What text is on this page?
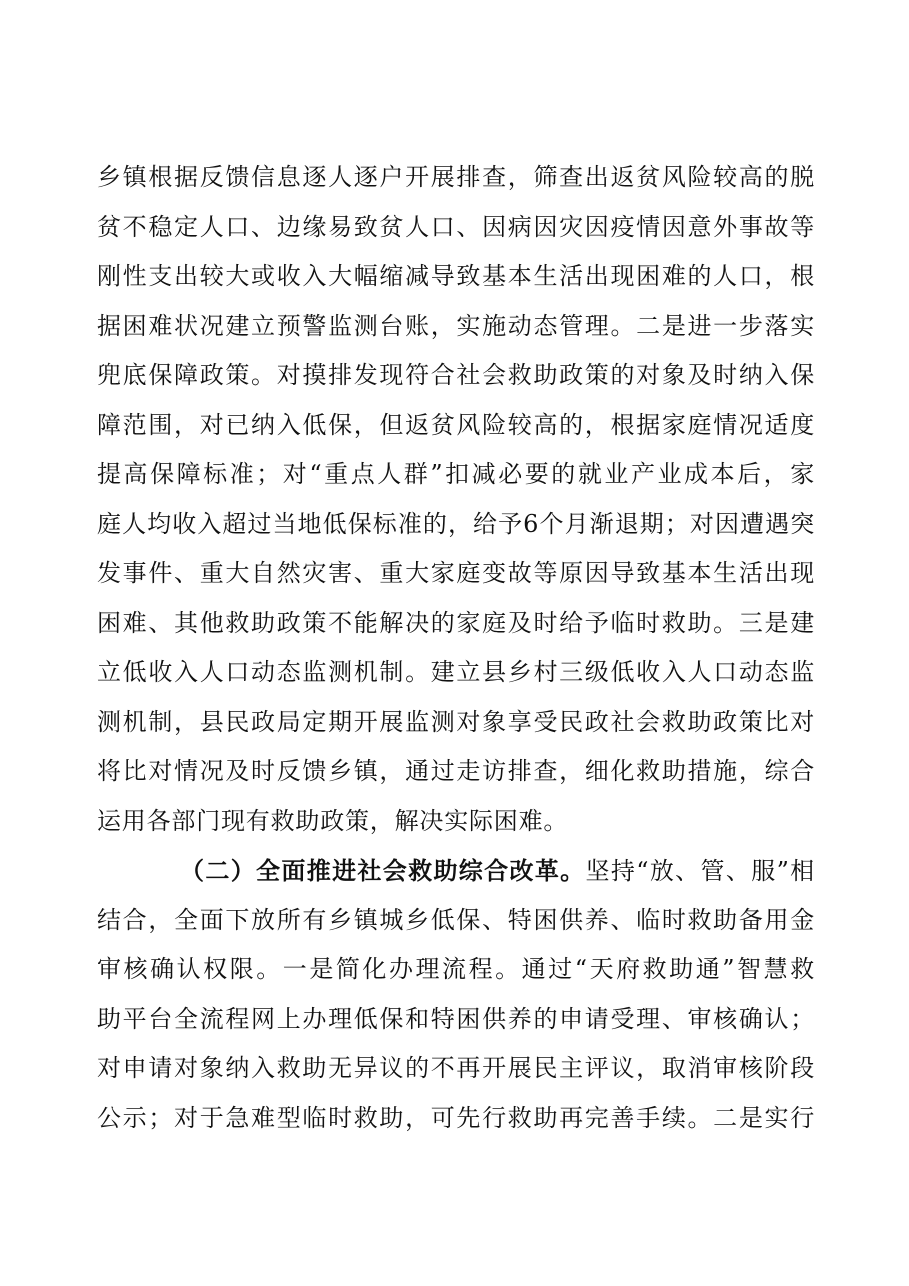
乡镇根据反馈信息逐人逐户开展排查，筛查出返贫风险较高的脱
贫不稳定人口、边缘易致贫人口、因病因灾因疫情因意外事故等
刚性支出较大或收入大幅缩减导致基本生活出现困难的人口，根
据困难状况建立预警监测台账，实施动态管理。二是进一步落实
兜底保障政策。对摸排发现符合社会救助政策的对象及时纳入保
障范围，对已纳入低保，但返贫风险较高的，根据家庭情况适度
提高保障标准；对“重点人群”扣减必要的就业产业成本后，家
庭人均收入超过当地低保标准的，给予6个月渐退期；对因遭遇突
发事件、重大自然灾害、重大家庭变故等原因导致基本生活出现
困难、其他救助政策不能解决的家庭及时给予临时救助。三是建
立低收入人口动态监测机制。建立县乡村三级低收入人口动态监
测机制，县民政局定期开展监测对象享受民政社会救助政策比对
将比对情况及时反馈乡镇，通过走访排查，细化救助措施，综合
运用各部门现有救助政策，解决实际困难。
（二）全面推进社会救助综合改革。坚持“放、管、服”相
结合，全面下放所有乡镇城乡低保、特困供养、临时救助备用金
审核确认权限。一是简化办理流程。通过“天府救助通”智慧救
助平台全流程网上办理低保和特困供养的申请受理、审核确认；
对申请对象纳入救助无异议的不再开展民主评议，取消审核阶段
公示；对于急难型临时救助，可先行救助再完善手续。二是实行
